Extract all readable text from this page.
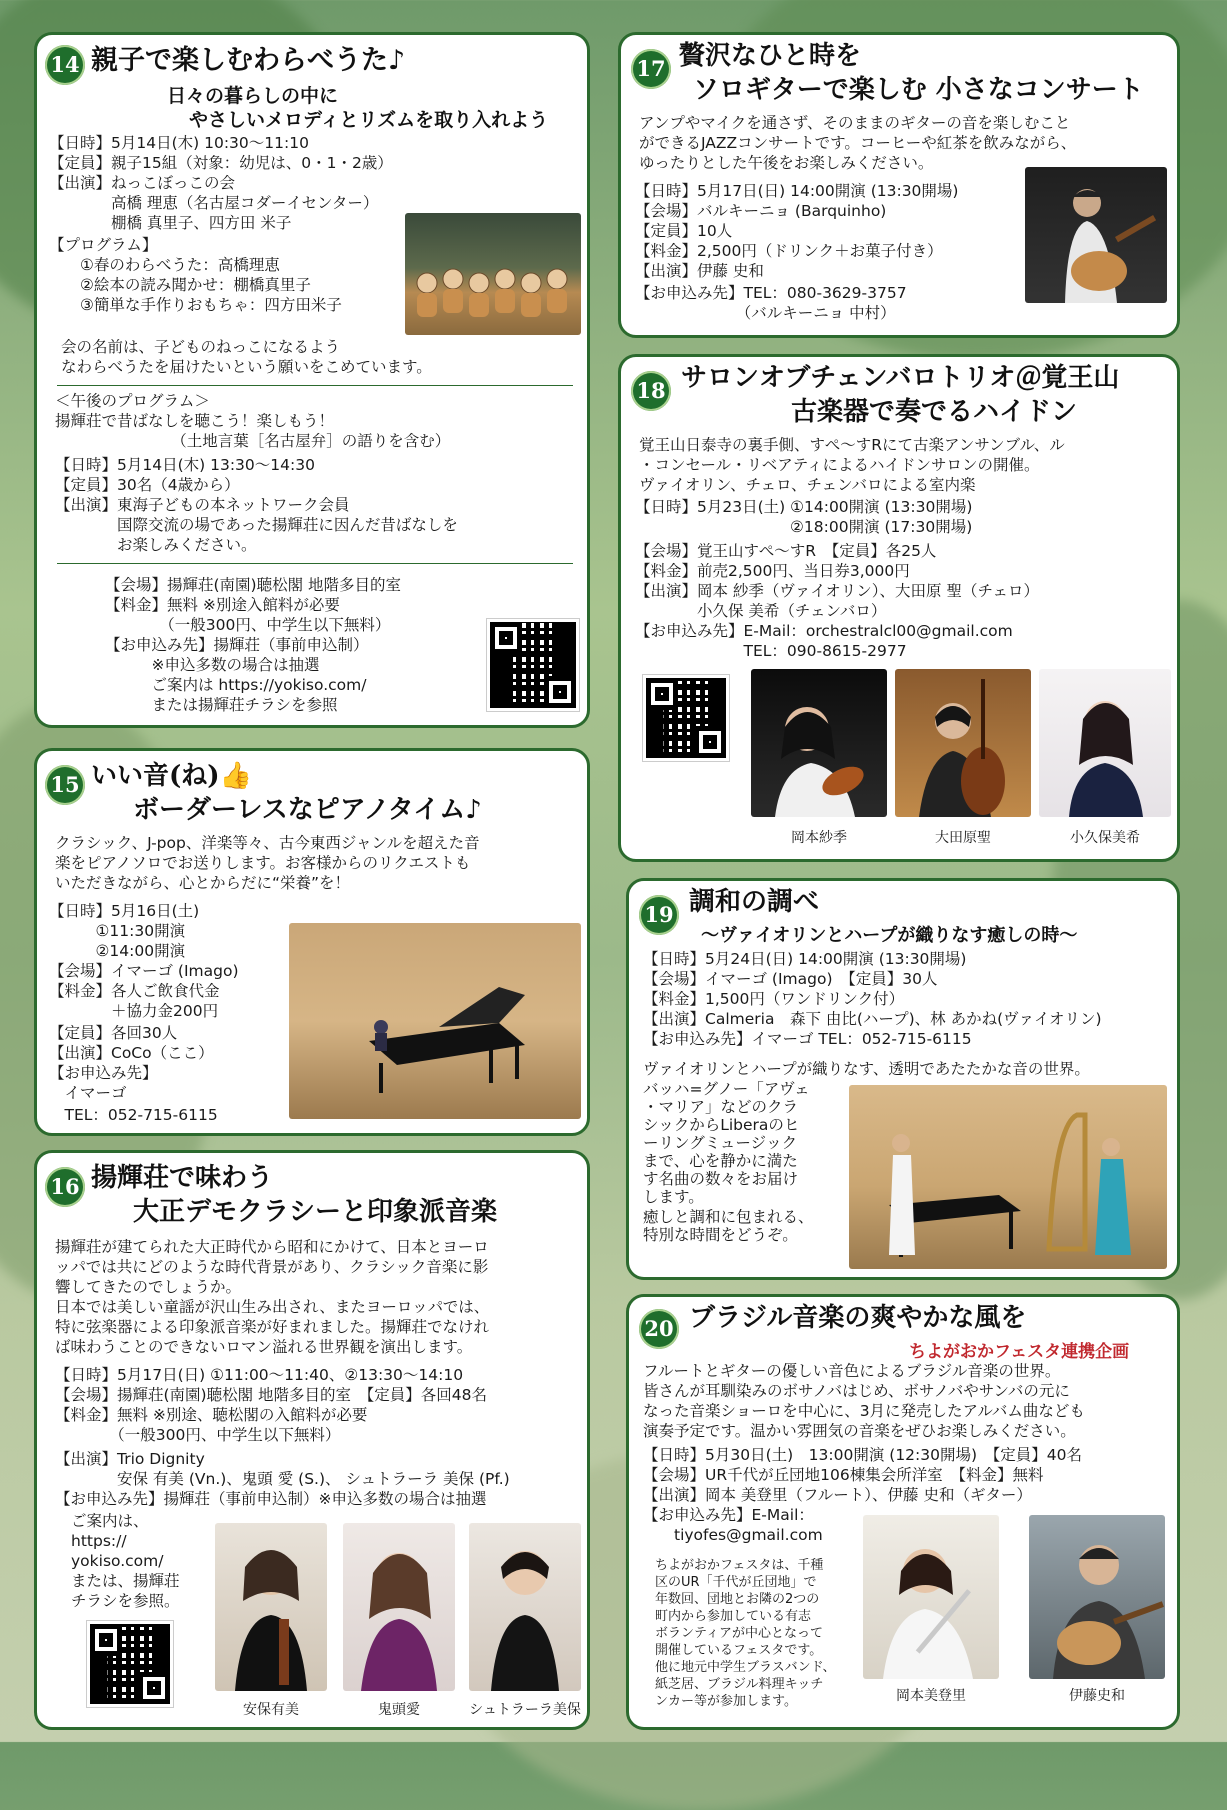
14 親子で楽しむわらべうた♪
日々の暮らしの中に
やさしいメロディとリズムを取り入れよう
【日時】5月14日(木) 10:30〜11:10
【定員】親子15組（対象：幼児は、0・1・2歳）
【出演】ねっこぼっこの会
　　　　高橋 理恵（名古屋コダーイセンター）
　　　　棚橋 真里子、四方田 米子
【プログラム】
　　①春のわらべうた：高橋理恵
　　②絵本の読み聞かせ：棚橋真里子
　　③簡単な手作りおもちゃ：四方田米子
会の名前は、子どものねっこになるよう
なわらべうたを届けたいという願いをこめています。
＜午後のプログラム＞
揚輝荘で昔ばなしを聴こう！楽しもう！
　　　　　　　　（土地言葉［名古屋弁］の語りを含む）
【日時】5月14日(木) 13:30〜14:30
【定員】30名（4歳から）
【出演】東海子どもの本ネットワーク会員
　　　　国際交流の場であった揚輝荘に因んだ昔ばなしを
　　　　お楽しみください。
【会場】揚輝荘(南園)聴松閣 地階多目的室
【料金】無料 ※別途入館料が必要
　　　　（一般300円、中学生以下無料）
【お申込み先】揚輝荘（事前申込制）
　　　※申込多数の場合は抽選
　　　ご案内は https://yokiso.com/
　　　または揚輝荘チラシを参照
15 いい音(ね)👍
ボーダーレスなピアノタイム♪
クラシック、J-pop、洋楽等々、古今東西ジャンルを超えた音
楽をピアノソロでお送りします。お客様からのリクエストも
いただきながら、心とからだに“栄養”を！
【日時】5月16日(土)
　　　①11:30開演
　　　②14:00開演
【会場】イマーゴ (Imago)
【料金】各人ご飲食代金
　　　　＋協力金200円
【定員】各回30人
【出演】CoCo（ここ）
【お申込み先】
　イマーゴ
　TEL：052-715-6115
16 揚輝荘で味わう
大正デモクラシーと印象派音楽
揚輝荘が建てられた大正時代から昭和にかけて、日本とヨーロ
ッパでは共にどのような時代背景があり、クラシック音楽に影
響してきたのでしょうか。
日本では美しい童謡が沢山生み出され、またヨーロッパでは、
特に弦楽器による印象派音楽が好まれました。揚輝荘でなけれ
ば味わうことのできないロマン溢れる世界観を演出します。
【日時】5月17日(日) ①11:00〜11:40、②13:30〜14:10
【会場】揚輝荘(南園)聴松閣 地階多目的室　【定員】各回48名
【料金】無料 ※別途、聴松閣の入館料が必要
　　　　（一般300円、中学生以下無料）
【出演】Trio Dignity
　　　　安保 有美 (Vn.)、鬼頭 愛 (S.)、 シュトラーラ 美保 (Pf.)
【お申込み先】揚輝荘（事前申込制）※申込多数の場合は抽選
ご案内は、
https://
yokiso.com/
または、揚輝荘
チラシを参照。
安保有美	鬼頭愛	シュトラーラ美保
17 贅沢なひと時を
ソロギターで楽しむ 小さなコンサート
アンプやマイクを通さず、そのままのギターの音を楽しむこと
ができるJAZZコンサートです。コーヒーや紅茶を飲みながら、
ゆったりとした午後をお楽しみください。
【日時】5月17日(日) 14:00開演 (13:30開場)
【会場】バルキーニョ (Barquinho)
【定員】10人
【料金】2,500円（ドリンク＋お菓子付き）
【出演】伊藤 史和
【お申込み先】TEL：080-3629-3757
　　　　　　　（バルキーニョ 中村）
18 サロンオブチェンバロトリオ＠覚王山
古楽器で奏でるハイドン
覚王山日泰寺の裏手側、すぺ〜すRにて古楽アンサンブル、ル
・コンセール・リベアティによるハイドンサロンの開催。
ヴァイオリン、チェロ、チェンバロによる室内楽
【日時】5月23日(土) ①14:00開演 (13:30開場)
　　　　　　　　　　②18:00開演 (17:30開場)
【会場】覚王山すぺ〜すR　【定員】各25人
【料金】前売2,500円、当日券3,000円
【出演】岡本 紗季（ヴァイオリン）、大田原 聖（チェロ）
　　　　小久保 美希（チェンバロ）
【お申込み先】E-Mail：orchestralcl00@gmail.com
　　　　　　　TEL：090-8615-2977
岡本紗季	大田原聖	小久保美希
19 調和の調べ
〜ヴァイオリンとハープが織りなす癒しの時〜
【日時】5月24日(日) 14:00開演 (13:30開場)
【会場】イマーゴ (Imago)　【定員】30人
【料金】1,500円（ワンドリンク付）
【出演】Calmeria　森下 由比(ハープ)、林 あかね(ヴァイオリン)
【お申込み先】イマーゴ TEL：052-715-6115
ヴァイオリンとハープが織りなす、透明であたたかな音の世界。
バッハ=グノー「アヴェ
・マリア」などのクラ
シックからLiberaのヒ
ーリングミュージック
まで、心を静かに満た
す名曲の数々をお届け
します。
癒しと調和に包まれる、
特別な時間をどうぞ。
20 ブラジル音楽の爽やかな風を
ちよがおかフェスタ連携企画
フルートとギターの優しい音色によるブラジル音楽の世界。
皆さんが耳馴染みのボサノバはじめ、ボサノバやサンバの元に
なった音楽ショーロを中心に、3月に発売したアルバム曲なども
演奏予定です。温かい雰囲気の音楽をぜひお楽しみください。
【日時】5月30日(土)　13:00開演 (12:30開場)　【定員】40名
【会場】UR千代が丘団地106棟集会所洋室　【料金】無料
【出演】岡本 美登里（フルート）、伊藤 史和（ギター）
【お申込み先】E-Mail：
　　tiyofes@gmail.com
ちよがおかフェスタは、千種
区のUR「千代が丘団地」で
年数回、団地とお隣の2つの
町内から参加している有志
ボランティアが中心となって
開催しているフェスタです。
他に地元中学生ブラスバンド、
紙芝居、ブラジル料理キッチ
ンカー等が参加します。	岡本美登里	伊藤史和
